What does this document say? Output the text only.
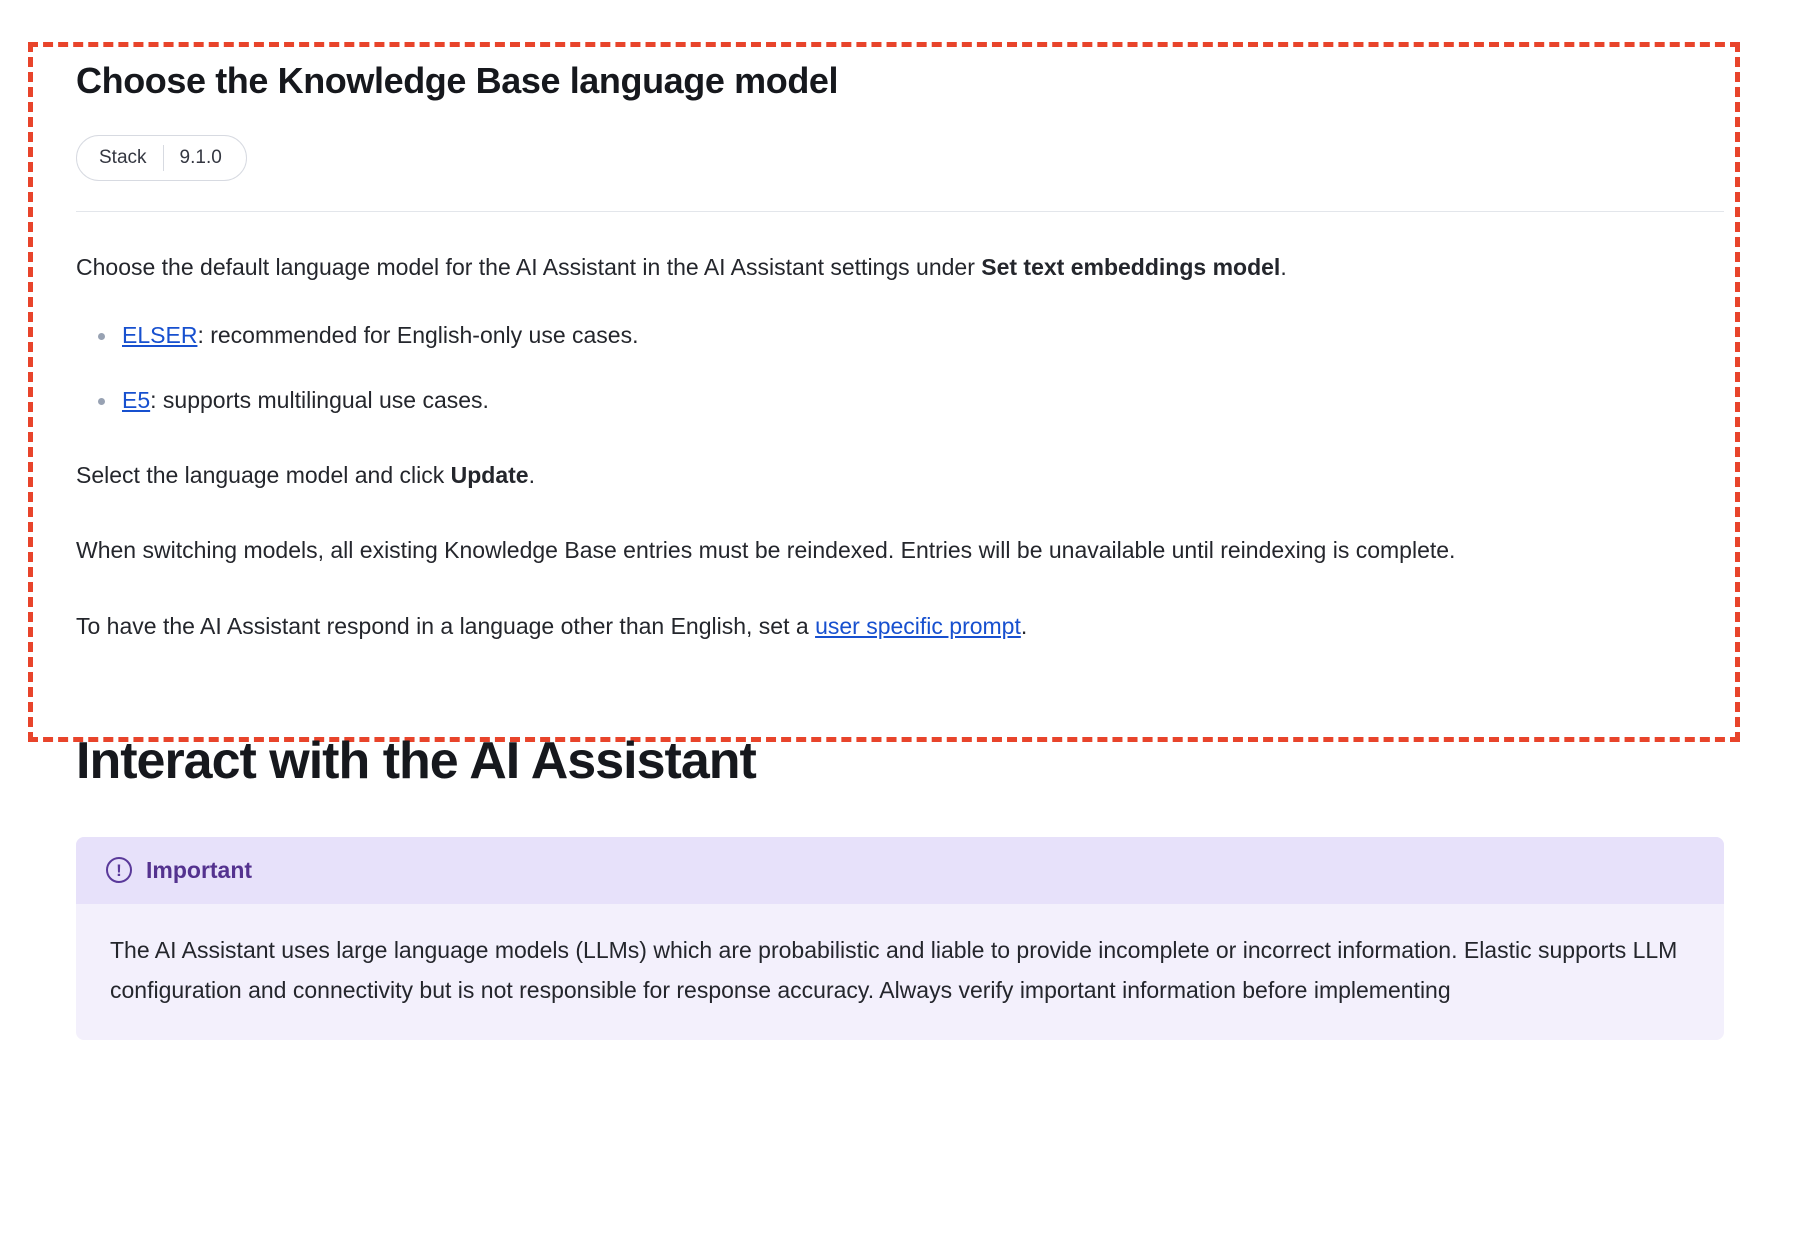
Choose the Knowledge Base language model
Stack	9.1.0

Choose the default language model for the AI Assistant in the AI Assistant settings under Set text embeddings model.

ELSER: recommended for English-only use cases.
E5: supports multilingual use cases.

Select the language model and click Update.

When switching models, all existing Knowledge Base entries must be reindexed. Entries will be unavailable until reindexing is complete.

To have the AI Assistant respond in a language other than English, set a user specific prompt.

Interact with the AI Assistant
!	Important

The AI Assistant uses large language models (LLMs) which are probabilistic and liable to provide incomplete or incorrect information. Elastic supports LLM configuration and connectivity but is not responsible for response accuracy. Always verify important information before implementing
